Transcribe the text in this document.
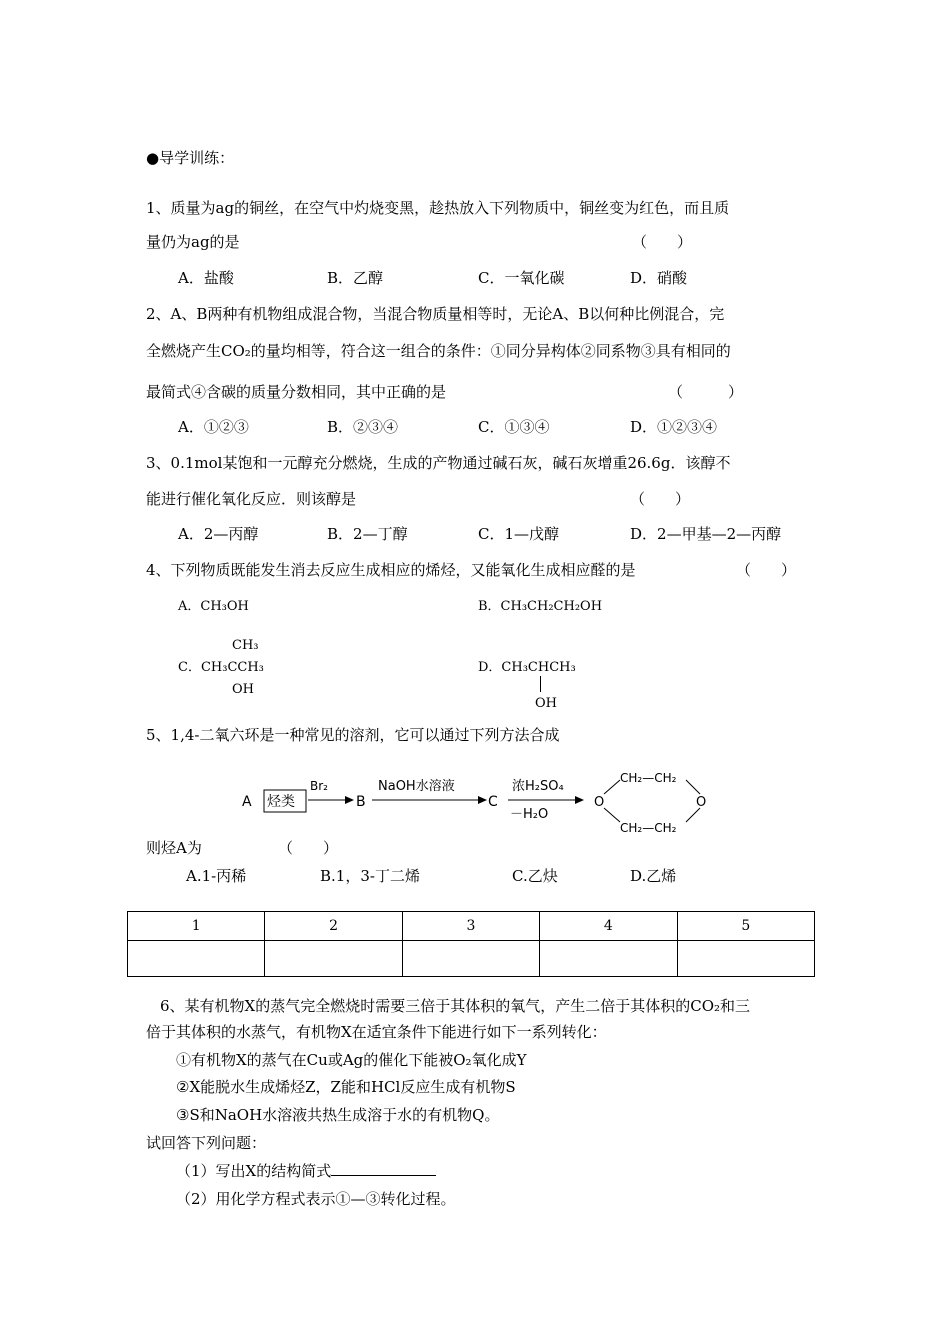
●导学训练：
1、质量为ag的铜丝，在空气中灼烧变黑，趁热放入下列物质中，铜丝变为红色，而且质
量仍为ag的是	（　　）
A．盐酸	B．乙醇	C．一氧化碳	D．硝酸
2、A、B两种有机物组成混合物，当混合物质量相等时，无论A、B以何种比例混合，完
全燃烧产生CO₂的量均相等，符合这一组合的条件：①同分异构体②同系物③具有相同的
最简式④含碳的质量分数相同，其中正确的是	（　　　）
A．①②③	B．②③④	C．①③④	D．①②③④
3、0.1mol某饱和一元醇充分燃烧，生成的产物通过碱石灰，碱石灰增重26.6g．该醇不
能进行催化氧化反应．则该醇是	（　　）
A．2—丙醇	B．2—丁醇	C．1—戊醇	D．2—甲基—2—丙醇
4、下列物质既能发生消去反应生成相应的烯烃，又能氧化生成相应醛的是	（　　）
A．CH₃OH	B．CH₃CH₂CH₂OH
CH₃
C．CH₃CCH₃
OH
D．CH₃CHCH₃
OH
5、1,4-二氧六环是一种常见的溶剂，它可以通过下列方法合成
A 烃类
Br₂
B
NaOH水溶液
C
浓H₂SO₄
－H₂O
CH₂—CH₂
CH₂—CH₂
O	O
则烃A为	（　　）
A.1-丙稀	B.1，3-丁二烯	C.乙炔	D.乙烯
1	2	3	4	5

6、某有机物X的蒸气完全燃烧时需要三倍于其体积的氧气，产生二倍于其体积的CO₂和三
倍于其体积的水蒸气，有机物X在适宜条件下能进行如下一系列转化：
①有机物X的蒸气在Cu或Ag的催化下能被O₂氧化成Y
②X能脱水生成烯烃Z，Z能和HCl反应生成有机物S
③S和NaOH水溶液共热生成溶于水的有机物Q。
试回答下列问题：
（1）写出X的结构简式
（2）用化学方程式表示①—③转化过程。
